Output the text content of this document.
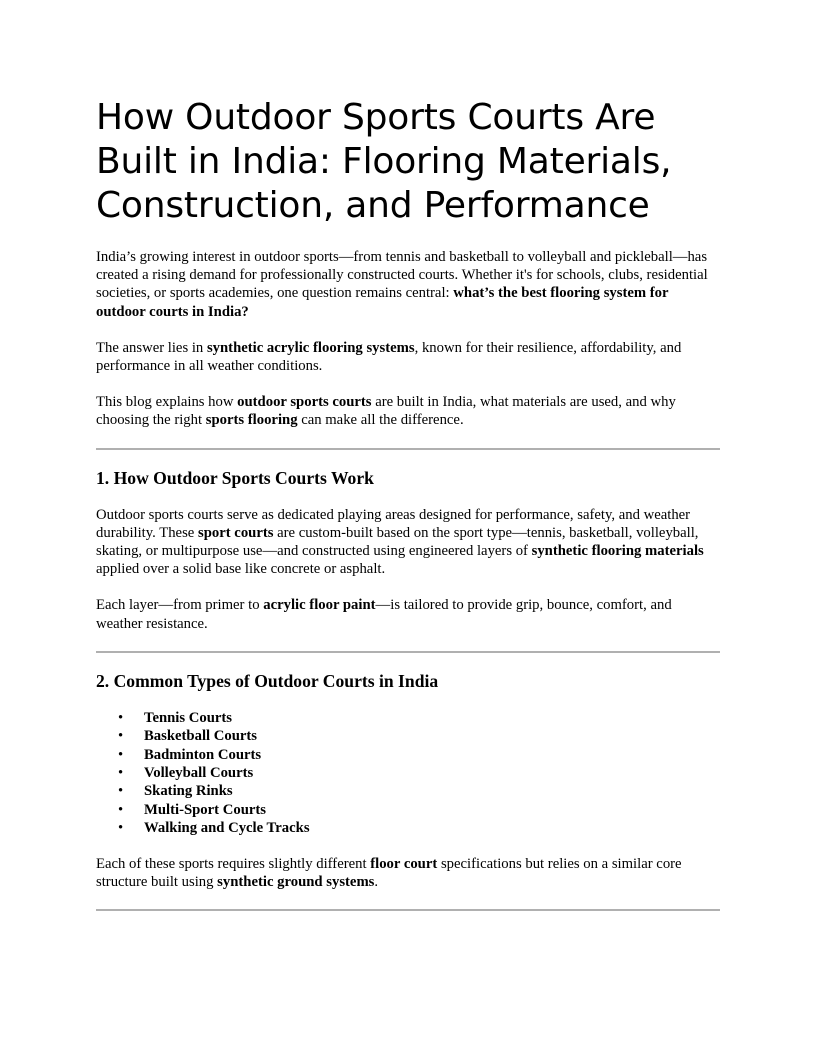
How Outdoor Sports Courts Are Built in India: Flooring Materials, Construction, and Performance

India’s growing interest in outdoor sports—from tennis and basketball to volleyball and pickleball—has created a rising demand for professionally constructed courts. Whether it's for schools, clubs, residential societies, or sports academies, one question remains central: what’s the best flooring system for outdoor courts in India?

The answer lies in synthetic acrylic flooring systems, known for their resilience, affordability, and performance in all weather conditions.

This blog explains how outdoor sports courts are built in India, what materials are used, and why choosing the right sports flooring can make all the difference.

1. How Outdoor Sports Courts Work

Outdoor sports courts serve as dedicated playing areas designed for performance, safety, and weather durability. These sport courts are custom-built based on the sport type—tennis, basketball, volleyball, skating, or multipurpose use—and constructed using engineered layers of synthetic flooring materials applied over a solid base like concrete or asphalt.

Each layer—from primer to acrylic floor paint—is tailored to provide grip, bounce, comfort, and weather resistance.

2. Common Types of Outdoor Courts in India
• Tennis Courts
• Basketball Courts
• Badminton Courts
• Volleyball Courts
• Skating Rinks
• Multi-Sport Courts
• Walking and Cycle Tracks

Each of these sports requires slightly different floor court specifications but relies on a similar core structure built using synthetic ground systems.
